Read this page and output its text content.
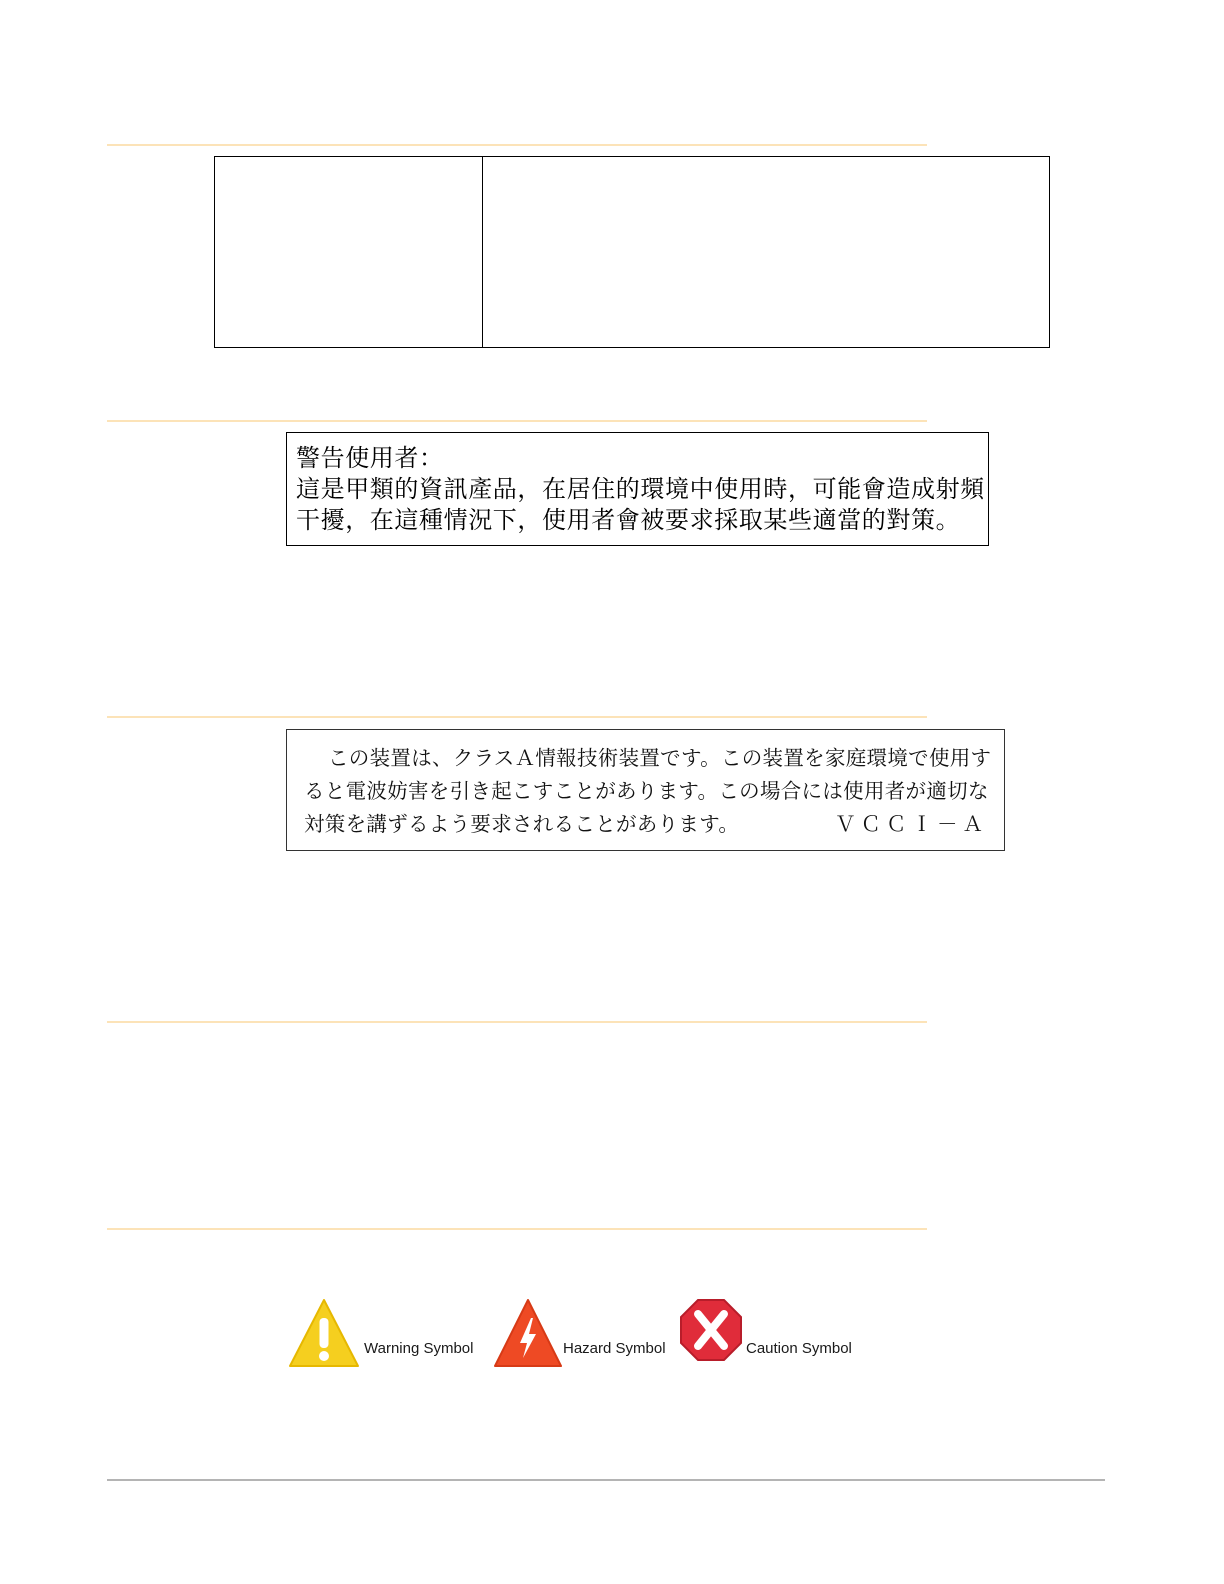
警告使用者：
這是甲類的資訊產品，在居住的環境中使用時，可能會造成射頻
干擾，在這種情況下，使用者會被要求採取某些適當的對策。
この装置は、クラスＡ情報技術装置です。この装置を家庭環境で使用す
ると電波妨害を引き起こすことがあります。この場合には使用者が適切な
対策を講ずるよう要求されることがあります。	ＶＣＣＩ－Ａ
Warning Symbol	Hazard Symbol	Caution Symbol
